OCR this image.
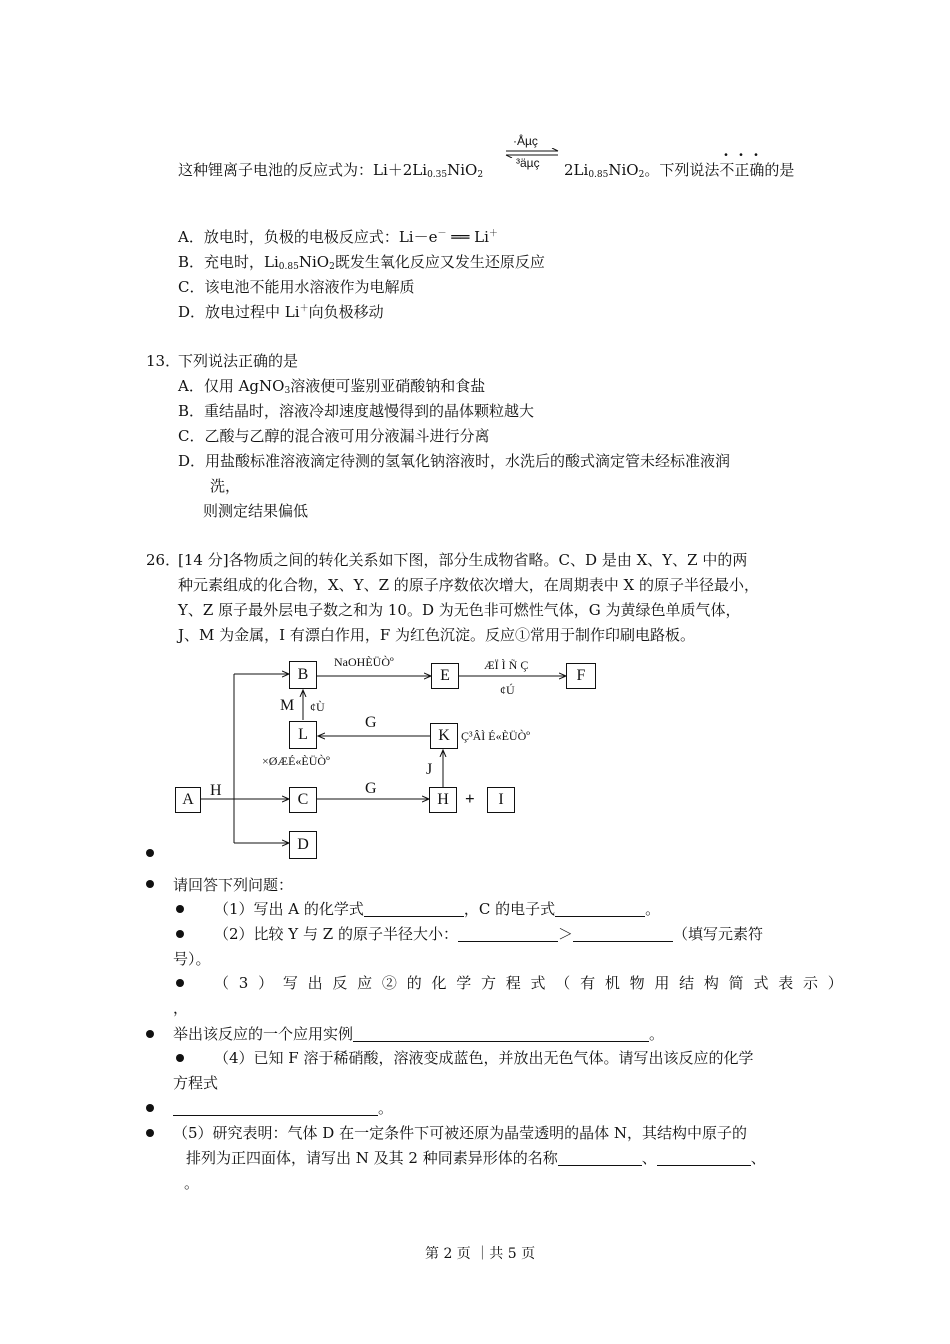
·Åµç
³äµç
这种锂离子电池的反应式为：$Li+2Li_{0.35}NiO_2$	$2Li_{0.85}NiO_2$。下列说法不正确的是
A．放电时，负极的电极反应式：Li－e－ ══ Li＋
B．充电时，$Li_{0.85}NiO_2$既发生氧化反应又发生还原反应
C．该电池不能用水溶液作为电解质
D．放电过程中 Li＋向负极移动
13．
下列说法正确的是
A．仅用 AgNO$_3$溶液便可鉴别亚硝酸钠和食盐
B．重结晶时，溶液冷却速度越慢得到的晶体颗粒越大
C．乙酸与乙醇的混合液可用分液漏斗进行分离
D．用盐酸标准溶液滴定待测的氢氧化钠溶液时，水洗后的酸式滴定管未经标准液润
洗，
则测定结果偏低
26．
[14 分]各物质之间的转化关系如下图，部分生成物省略。C、D 是由 X、Y、Z 中的两
种元素组成的化合物，X、Y、Z 的原子序数依次增大，在周期表中 X 的原子半径最小，
Y、Z 原子最外层电子数之和为 10。D 为无色非可燃性气体，G 为黄绿色单质气体，
J、M 为金属，I 有漂白作用，F 为红色沉淀。反应①常用于制作印刷电路板。
A
B
C
D
E	F
H	I
K
L
NaOHÈÜÒº	ÆÏ Ì Ñ Ç
¢Ú
M ¢Ù
G
Ç³ÂÌ É«ÈÜÒº
×ØÆÉ«ÈÜÒº	J
H	G
+
请回答下列问题：
（1）写出 A 的化学式	，C 的电子式	。
（2）比较 Y 与 Z 的原子半径大小：	＞	（填写元素符
号）。
（ 3 ） 写 出 反 应 ② 的 化 学 方 程 式 （ 有 机 物 用 结 构 简 式 表 示 ）
，
举出该反应的一个应用实例	。
（4）已知 F 溶于稀硝酸，溶液变成蓝色，并放出无色气体。请写出该反应的化学
方程式
。
（5）研究表明：气体 D 在一定条件下可被还原为晶莹透明的晶体 N，其结构中原子的
排列为正四面体，请写出 N 及其 2 种同素异形体的名称	、	、
。
第 2 页 ｜共 5 页
